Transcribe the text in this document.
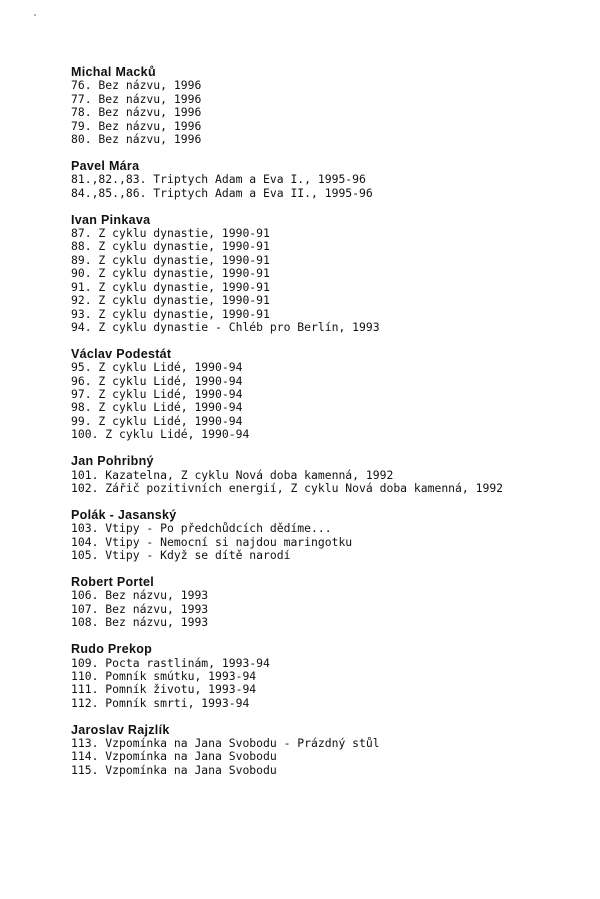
Michal Macků
76. Bez názvu, 1996
77. Bez názvu, 1996
78. Bez názvu, 1996
79. Bez názvu, 1996
80. Bez názvu, 1996
Pavel Mára
81.,82.,83. Triptych Adam a Eva I., 1995-96
84.,85.,86. Triptych Adam a Eva II., 1995-96
Ivan Pinkava
87. Z cyklu dynastie, 1990-91
88. Z cyklu dynastie, 1990-91
89. Z cyklu dynastie, 1990-91
90. Z cyklu dynastie, 1990-91
91. Z cyklu dynastie, 1990-91
92. Z cyklu dynastie, 1990-91
93. Z cyklu dynastie, 1990-91
94. Z cyklu dynastie - Chléb pro Berlín, 1993
Václav Podestát
95. Z cyklu Lidé, 1990-94
96. Z cyklu Lidé, 1990-94
97. Z cyklu Lidé, 1990-94
98. Z cyklu Lidé, 1990-94
99. Z cyklu Lidé, 1990-94
100. Z cyklu Lidé, 1990-94
Jan Pohribný
101. Kazatelna, Z cyklu Nová doba kamenná, 1992
102. Zářič pozitivních energií, Z cyklu Nová doba kamenná, 1992
Polák - Jasanský
103. Vtipy - Po předchůdcích dědíme...
104. Vtipy - Nemocní si najdou maringotku
105. Vtipy - Když se dítě narodí
Robert Portel
106. Bez názvu, 1993
107. Bez názvu, 1993
108. Bez názvu, 1993
Rudo Prekop
109. Pocta rastlinám, 1993-94
110. Pomník smútku, 1993-94
111. Pomník životu, 1993-94
112. Pomník smrti, 1993-94
Jaroslav Rajzlík
113. Vzpomínka na Jana Svobodu - Prázdný stůl
114. Vzpomínka na Jana Svobodu
115. Vzpomínka na Jana Svobodu
